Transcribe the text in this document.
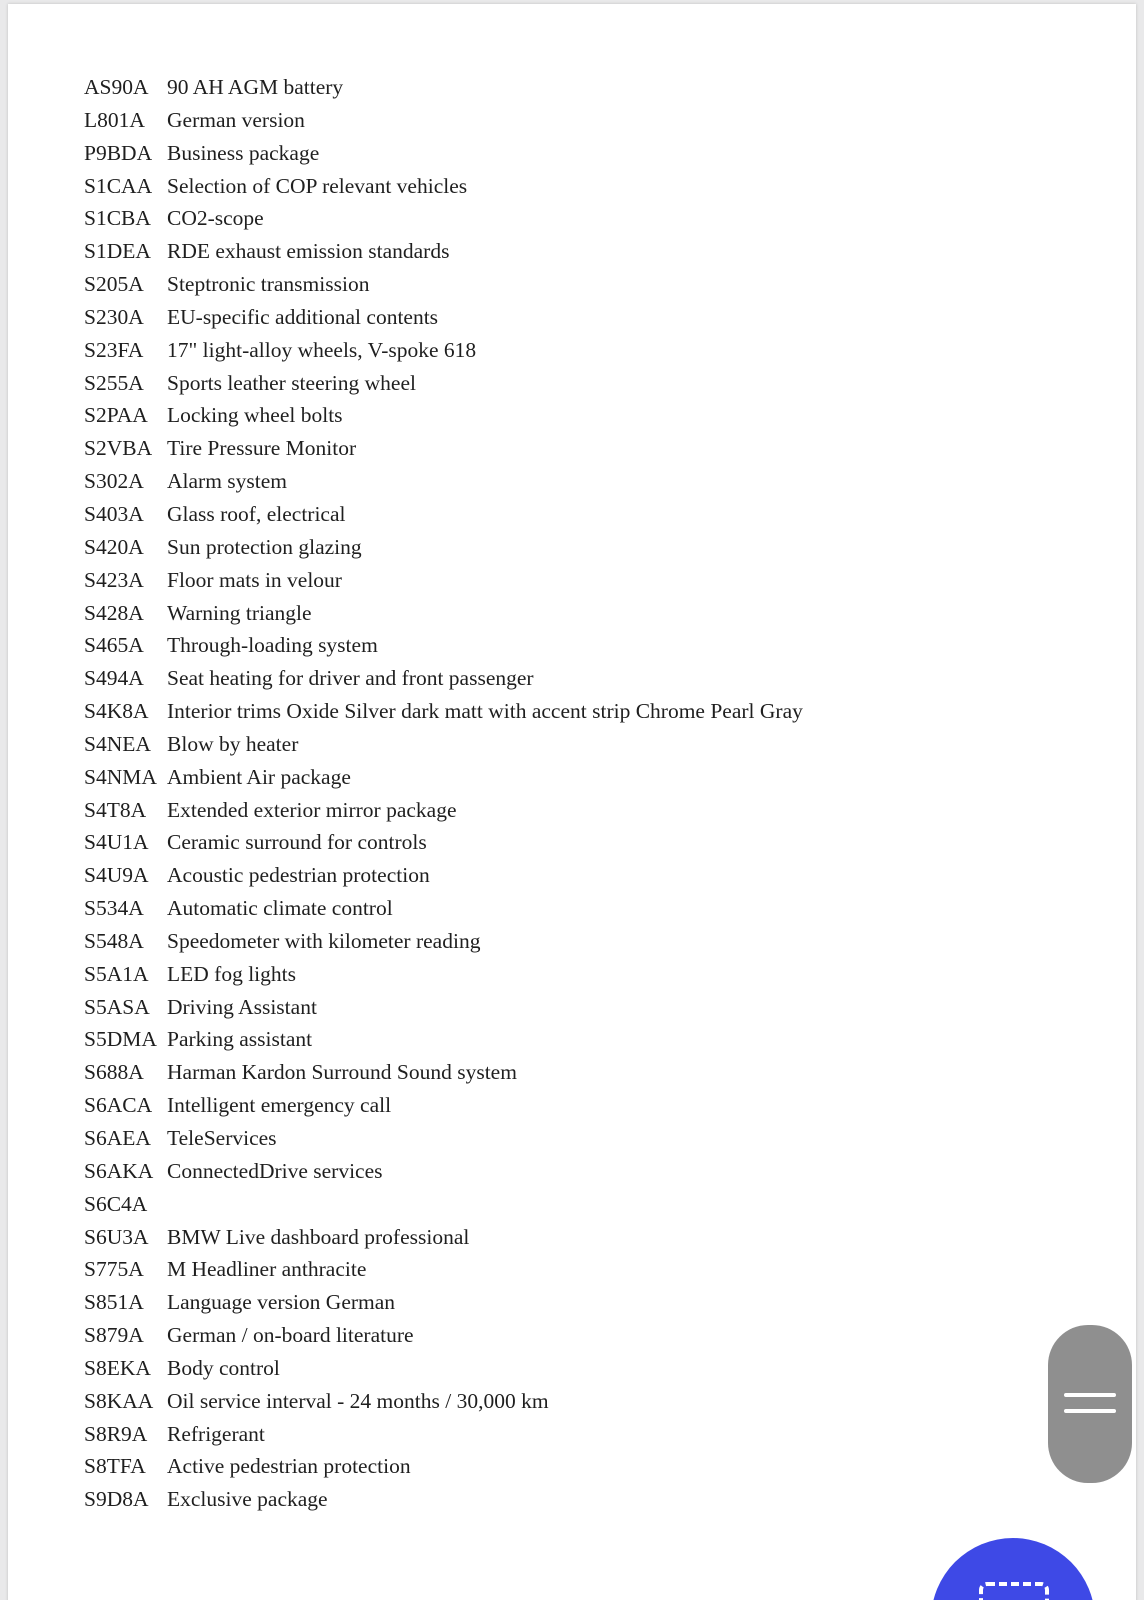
AS90A 90 AH AGM battery
L801A	German version
P9BDA Business package
S1CAA Selection of COP relevant vehicles
S1CBA CO2-scope
S1DEA RDE exhaust emission standards
S205A	Steptronic transmission
S230A	EU-specific additional contents
S23FA	17" light-alloy wheels, V-spoke 618
S255A	Sports leather steering wheel
S2PAA Locking wheel bolts
S2VBA Tire Pressure Monitor
S302A	Alarm system
S403A	Glass roof, electrical
S420A	Sun protection glazing
S423A	Floor mats in velour
S428A	Warning triangle
S465A	Through-loading system
S494A	Seat heating for driver and front passenger
S4K8A Interior trims Oxide Silver dark matt with accent strip Chrome Pearl Gray
S4NEA Blow by heater
S4NMA Ambient Air package
S4T8A Extended exterior mirror package
S4U1A Ceramic surround for controls
S4U9A Acoustic pedestrian protection
S534A	Automatic climate control
S548A	Speedometer with kilometer reading
S5A1A LED fog lights
S5ASA Driving Assistant
S5DMA Parking assistant
S688A	Harman Kardon Surround Sound system
S6ACA Intelligent emergency call
S6AEA TeleServices
S6AKA ConnectedDrive services
S6C4A
S6U3A BMW Live dashboard professional
S775A	M Headliner anthracite
S851A	Language version German
S879A	German / on-board literature
S8EKA Body control
S8KAA Oil service interval - 24 months / 30,000 km
S8R9A Refrigerant
S8TFA Active pedestrian protection
S9D8A Exclusive package
